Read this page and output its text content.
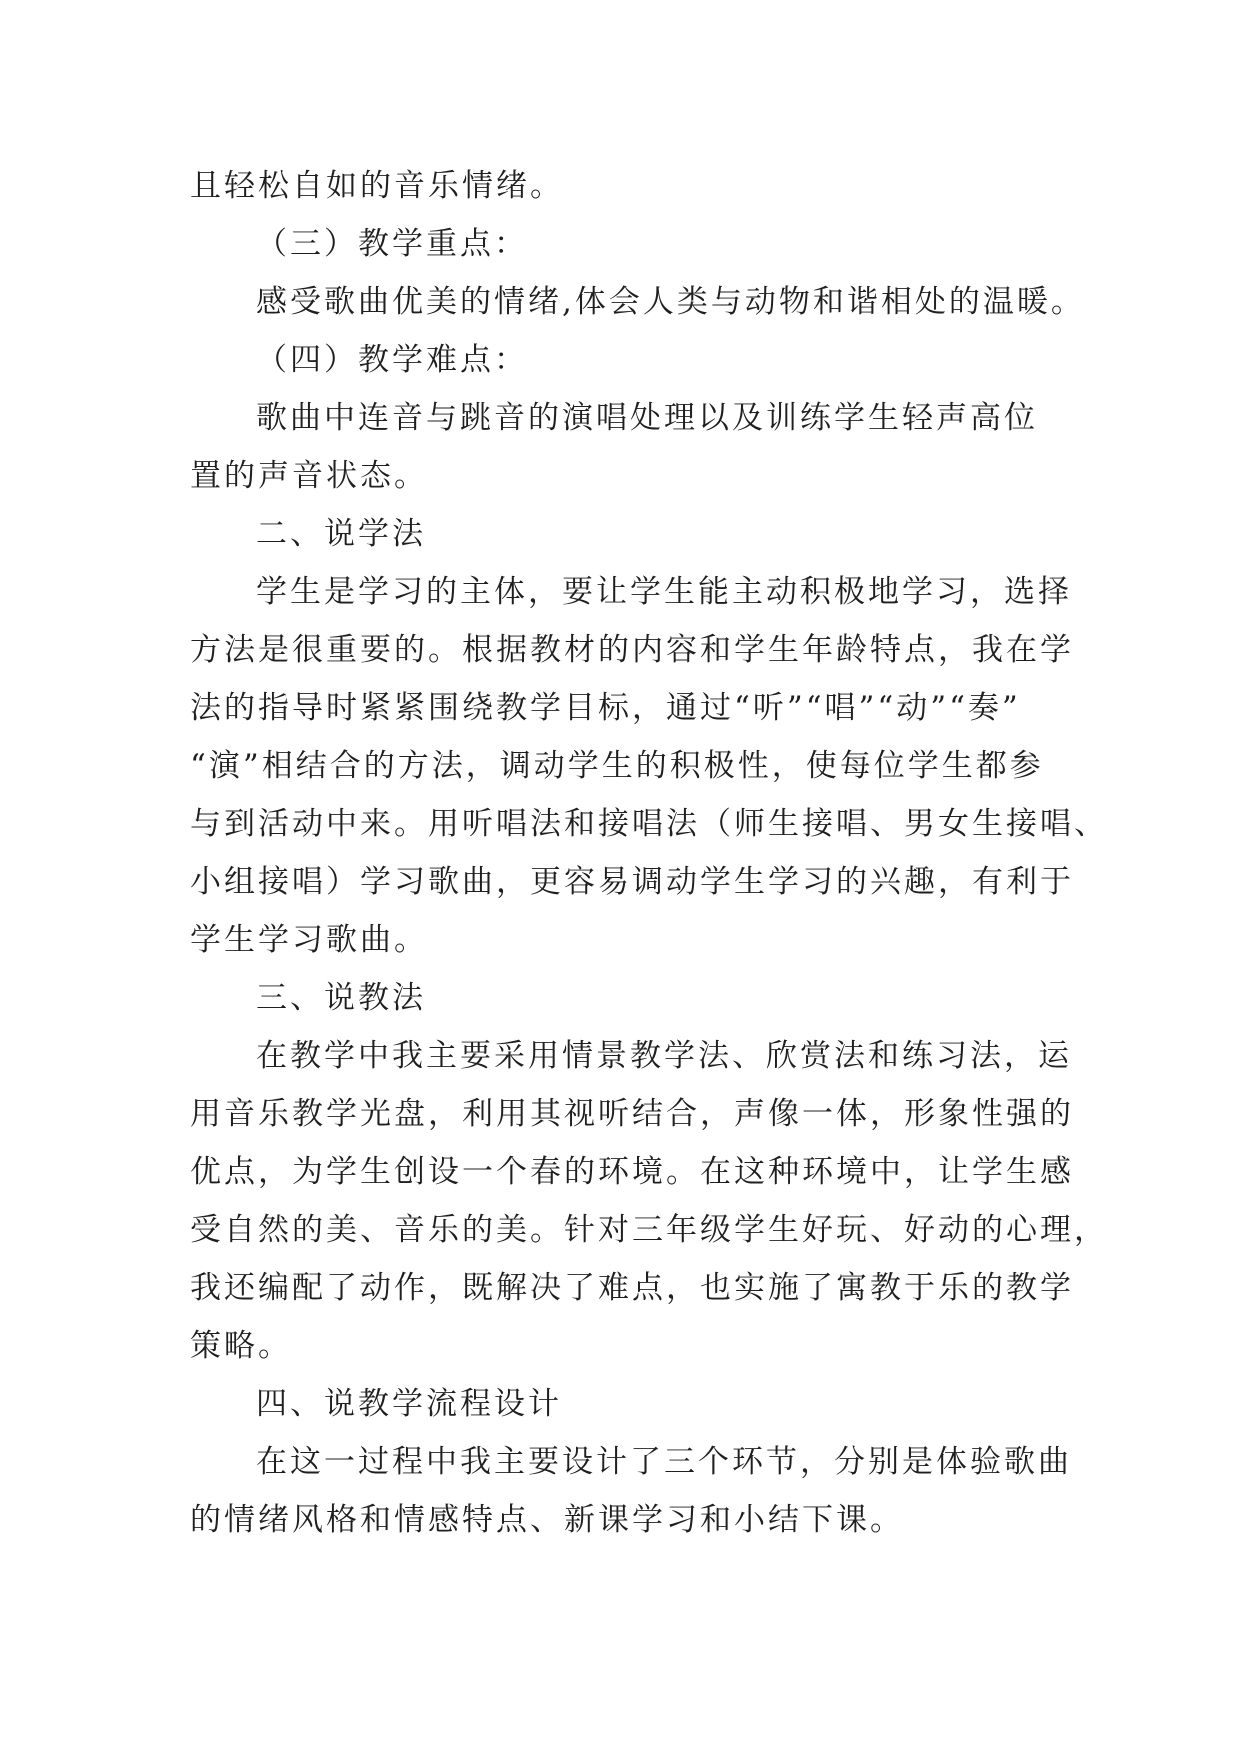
且轻松自如的音乐情绪。
（三）教学重点：
感受歌曲优美的情绪,体会人类与动物和谐相处的温暖。
（四）教学难点：
歌曲中连音与跳音的演唱处理以及训练学生轻声高位
置的声音状态。
二、说学法
学生是学习的主体，要让学生能主动积极地学习，选择
方法是很重要的。根据教材的内容和学生年龄特点，我在学
法的指导时紧紧围绕教学目标，通过“听”“唱”“动”“奏”
“演”相结合的方法，调动学生的积极性，使每位学生都参
与到活动中来。用听唱法和接唱法（师生接唱、男女生接唱、
小组接唱）学习歌曲，更容易调动学生学习的兴趣，有利于
学生学习歌曲。
三、说教法
在教学中我主要采用情景教学法、欣赏法和练习法，运
用音乐教学光盘，利用其视听结合，声像一体，形象性强的
优点，为学生创设一个春的环境。在这种环境中，让学生感
受自然的美、音乐的美。针对三年级学生好玩、好动的心理，
我还编配了动作，既解决了难点，也实施了寓教于乐的教学
策略。
四、说教学流程设计
在这一过程中我主要设计了三个环节，分别是体验歌曲
的情绪风格和情感特点、新课学习和小结下课。
